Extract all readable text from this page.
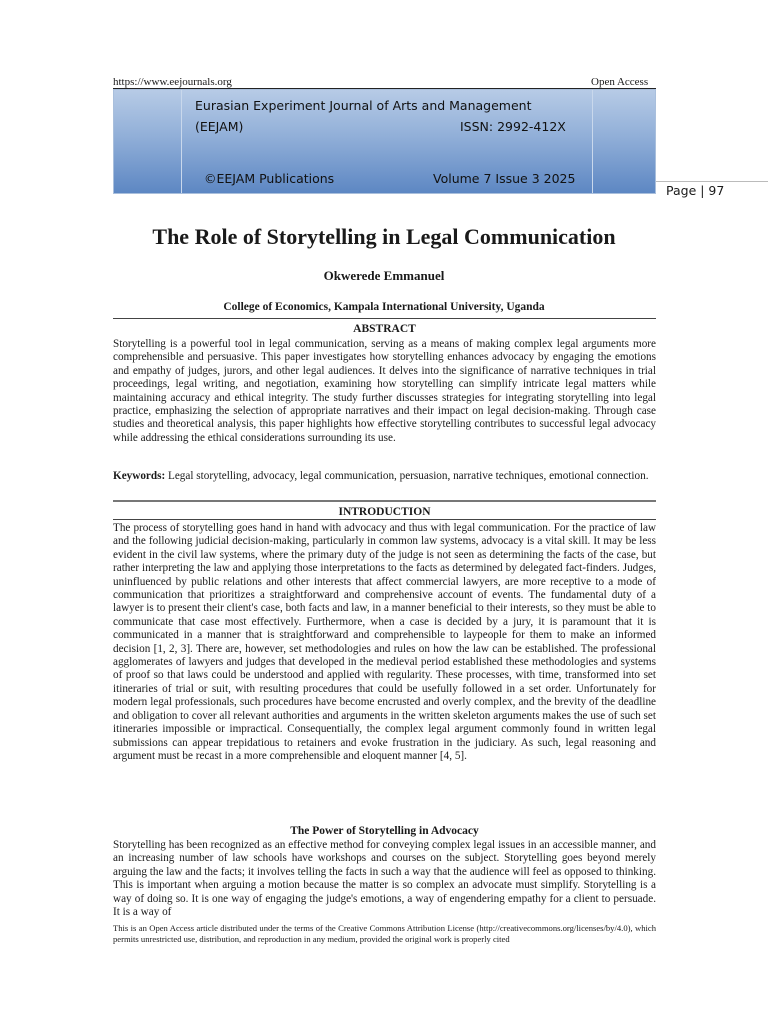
https://www.eejournals.org	Open Access
Eurasian Experiment Journal of Arts and Management
(EEJAM)	ISSN: 2992-412X
©EEJAM Publications	Volume 7 Issue 3 2025
Page | 97
The Role of Storytelling in Legal Communication
Okwerede Emmanuel
College of Economics, Kampala International University, Uganda
ABSTRACT

Storytelling is a powerful tool in legal communication, serving as a means of making complex legal arguments more comprehensible and persuasive. This paper investigates how storytelling enhances advocacy by engaging the emotions and empathy of judges, jurors, and other legal audiences. It delves into the significance of narrative techniques in trial proceedings, legal writing, and negotiation, examining how storytelling can simplify intricate legal matters while maintaining accuracy and ethical integrity. The study further discusses strategies for integrating storytelling into legal practice, emphasizing the selection of appropriate narratives and their impact on legal decision-making. Through case studies and theoretical analysis, this paper highlights how effective storytelling contributes to successful legal advocacy while addressing the ethical considerations surrounding its use.

Keywords: Legal storytelling, advocacy, legal communication, persuasion, narrative techniques, emotional connection.

INTRODUCTION

The process of storytelling goes hand in hand with advocacy and thus with legal communication. For the practice of law and the following judicial decision-making, particularly in common law systems, advocacy is a vital skill. It may be less evident in the civil law systems, where the primary duty of the judge is not seen as determining the facts of the case, but rather interpreting the law and applying those interpretations to the facts as determined by delegated fact-finders. Judges, uninfluenced by public relations and other interests that affect commercial lawyers, are more receptive to a mode of communication that prioritizes a straightforward and comprehensive account of events. The fundamental duty of a lawyer is to present their client's case, both facts and law, in a manner beneficial to their interests, so they must be able to communicate that case most effectively. Furthermore, when a case is decided by a jury, it is paramount that it is communicated in a manner that is straightforward and comprehensible to laypeople for them to make an informed decision [1, 2, 3]. There are, however, set methodologies and rules on how the law can be established. The professional agglomerates of lawyers and judges that developed in the medieval period established these methodologies and systems of proof so that laws could be understood and applied with regularity. These processes, with time, transformed into set itineraries of trial or suit, with resulting procedures that could be usefully followed in a set order. Unfortunately for modern legal professionals, such procedures have become encrusted and overly complex, and the brevity of the deadline and obligation to cover all relevant authorities and arguments in the written skeleton arguments makes the use of such set itineraries impossible or impractical. Consequentially, the complex legal argument commonly found in written legal submissions can appear trepidatious to retainers and evoke frustration in the judiciary. As such, legal reasoning and argument must be recast in a more comprehensible and eloquent manner [4, 5].

The Power of Storytelling in Advocacy

Storytelling has been recognized as an effective method for conveying complex legal issues in an accessible manner, and an increasing number of law schools have workshops and courses on the subject. Storytelling goes beyond merely arguing the law and the facts; it involves telling the facts in such a way that the audience will feel as opposed to thinking. This is important when arguing a motion because the matter is so complex an advocate must simplify. Storytelling is a way of doing so. It is one way of engaging the judge's emotions, a way of engendering empathy for a client to persuade. It is a way of

This is an Open Access article distributed under the terms of the Creative Commons Attribution License (http://creativecommons.org/licenses/by/4.0), which permits unrestricted use, distribution, and reproduction in any medium, provided the original work is properly cited
